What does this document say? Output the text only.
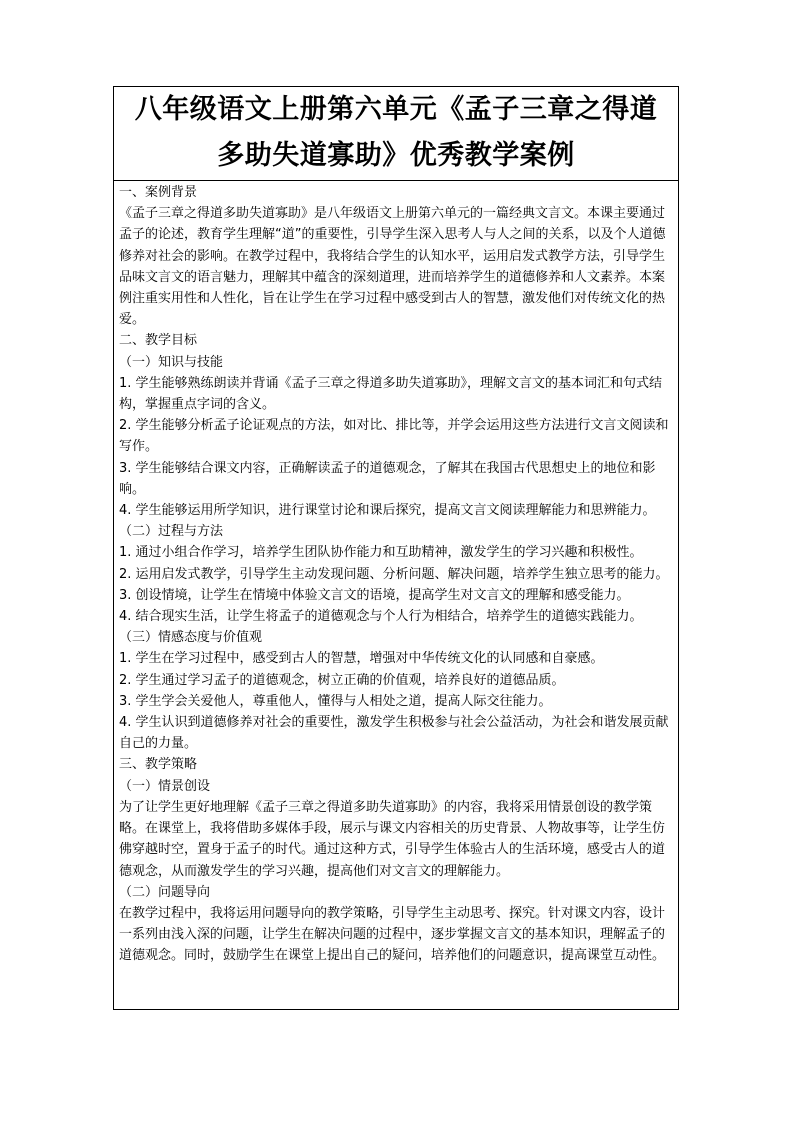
八年级语文上册第六单元《孟子三章之得道
多助失道寡助》优秀教学案例

一、案例背景

《孟子三章之得道多助失道寡助》是八年级语文上册第六单元的一篇经典文言文。本课主要通过孟子的论述，教育学生理解“道”的重要性，引导学生深入思考人与人之间的关系，以及个人道德修养对社会的影响。在教学过程中，我将结合学生的认知水平，运用启发式教学方法，引导学生品味文言文的语言魅力，理解其中蕴含的深刻道理，进而培养学生的道德修养和人文素养。本案例注重实用性和人性化，旨在让学生在学习过程中感受到古人的智慧，激发他们对传统文化的热爱。

二、教学目标

（一）知识与技能

1. 学生能够熟练朗读并背诵《孟子三章之得道多助失道寡助》，理解文言文的基本词汇和句式结构，掌握重点字词的含义。

2. 学生能够分析孟子论证观点的方法，如对比、排比等，并学会运用这些方法进行文言文阅读和写作。

3. 学生能够结合课文内容，正确解读孟子的道德观念，了解其在我国古代思想史上的地位和影响。

4. 学生能够运用所学知识，进行课堂讨论和课后探究，提高文言文阅读理解能力和思辨能力。

（二）过程与方法

1. 通过小组合作学习，培养学生团队协作能力和互助精神，激发学生的学习兴趣和积极性。

2. 运用启发式教学，引导学生主动发现问题、分析问题、解决问题，培养学生独立思考的能力。

3. 创设情境，让学生在情境中体验文言文的语境，提高学生对文言文的理解和感受能力。

4. 结合现实生活，让学生将孟子的道德观念与个人行为相结合，培养学生的道德实践能力。

（三）情感态度与价值观

1. 学生在学习过程中，感受到古人的智慧，增强对中华传统文化的认同感和自豪感。

2. 学生通过学习孟子的道德观念，树立正确的价值观，培养良好的道德品质。

3. 学生学会关爱他人，尊重他人，懂得与人相处之道，提高人际交往能力。

4. 学生认识到道德修养对社会的重要性，激发学生积极参与社会公益活动，为社会和谐发展贡献自己的力量。

三、教学策略

（一）情景创设

为了让学生更好地理解《孟子三章之得道多助失道寡助》的内容，我将采用情景创设的教学策略。在课堂上，我将借助多媒体手段，展示与课文内容相关的历史背景、人物故事等，让学生仿佛穿越时空，置身于孟子的时代。通过这种方式，引导学生体验古人的生活环境，感受古人的道德观念，从而激发学生的学习兴趣，提高他们对文言文的理解能力。

（二）问题导向

在教学过程中，我将运用问题导向的教学策略，引导学生主动思考、探究。针对课文内容，设计一系列由浅入深的问题，让学生在解决问题的过程中，逐步掌握文言文的基本知识，理解孟子的道德观念。同时，鼓励学生在课堂上提出自己的疑问，培养他们的问题意识，提高课堂互动性。
